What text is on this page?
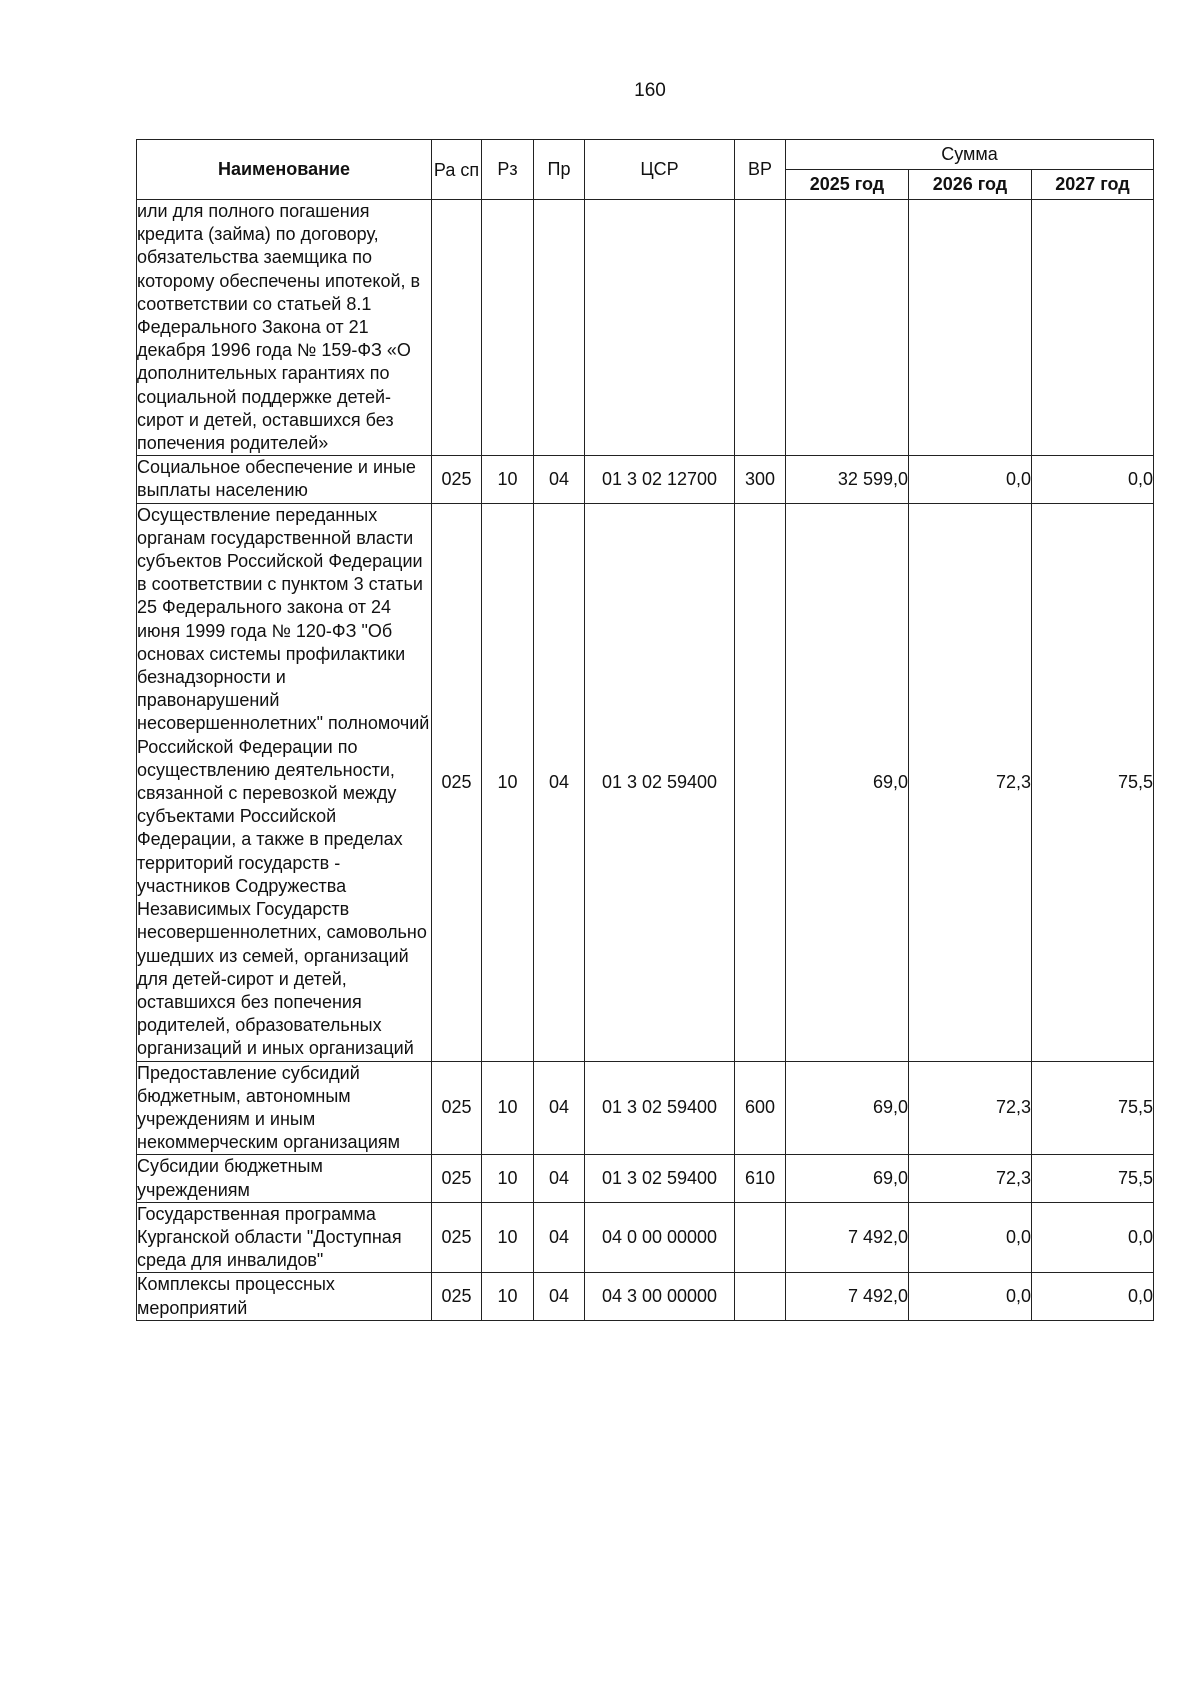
160
Наименование	Ра сп	Рз	Пр	ЦСР	ВР	Сумма		
						2025 год	2026 год	2027 год
или для полного погашения кредита (займа) по договору, обязательства заемщика по которому обеспечены ипотекой, в соответствии со статьей 8.1 Федерального Закона от 21 декабря 1996 года № 159-ФЗ «О дополнительных гарантиях по социальной поддержке детей-сирот и детей, оставшихся без попечения родителей»								
Социальное обеспечение и иные выплаты населению	025	10	04	01 3 02 12700	300	32 599,0	0,0	0,0
Осуществление переданных органам государственной власти субъектов Российской Федерации в соответствии с пунктом 3 статьи 25 Федерального закона от 24 июня 1999 года № 120-ФЗ "Об основах системы профилактики безнадзорности и правонарушений несовершеннолетних" полномочий Российской Федерации по осуществлению деятельности, связанной с перевозкой между субъектами Российской Федерации, а также в пределах территорий государств - участников Содружества Независимых Государств несовершеннолетних, самовольно ушедших из семей, организаций для детей-сирот и детей, оставшихся без попечения родителей, образовательных организаций и иных организаций	025	10	04	01 3 02 59400		69,0	72,3	75,5
Предоставление субсидий бюджетным, автономным учреждениям и иным некоммерческим организациям	025	10	04	01 3 02 59400	600	69,0	72,3	75,5
Субсидии бюджетным учреждениям	025	10	04	01 3 02 59400	610	69,0	72,3	75,5
Государственная программа Курганской области "Доступная среда для инвалидов"	025	10	04	04 0 00 00000		7 492,0	0,0	0,0
Комплексы процессных мероприятий	025	10	04	04 3 00 00000		7 492,0	0,0	0,0
